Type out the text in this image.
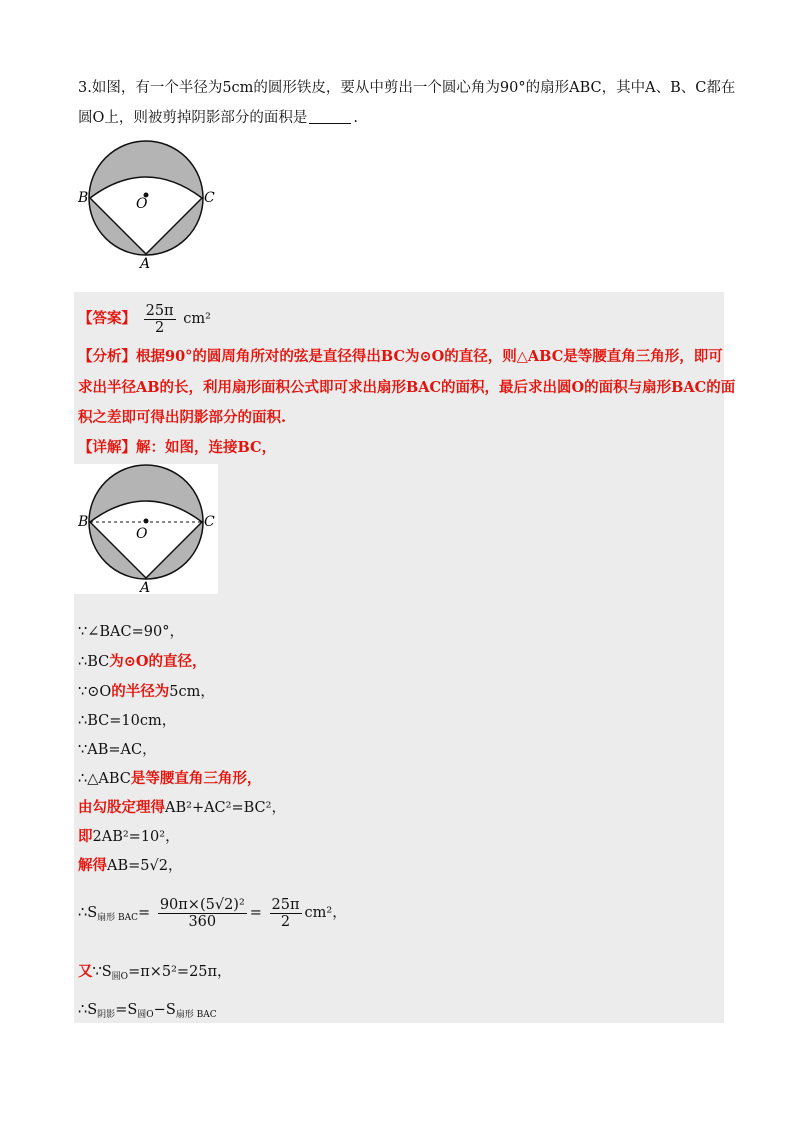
3.如图，有一个半径为5cm的圆形铁皮，要从中剪出一个圆心角为90°的扇形ABC，其中A、B、C都在
圆O上，则被剪掉阴影部分的面积是	.
B	C
O
A
【答案】 $\frac{25\pi}{2} cm^2$
【分析】根据90°的圆周角所对的弦是直径得出BC为⊙O的直径，则△ABC是等腰直角三角形，即可
求出半径AB的长，利用扇形面积公式即可求出扇形BAC的面积，最后求出圆O的面积与扇形BAC的面
积之差即可得出阴影部分的面积.
【详解】解：如图，连接BC，
B	C
O
A
∵∠BAC=90°，
∴BC为⊙O的直径，
∵⊙O的半径为5cm，
∴BC=10cm，
∵AB=AC，
∴△ABC是等腰直角三角形，
由勾股定理得AB²+AC²=BC²，
即2AB²=10²，
解得AB=5√2，
$\therefore S_{扇形 BAC}= \frac{\text{90π×(5√2)²}}{360} = \frac{25\pi}{2} cm^2$，
又$\because S_{圆O}=\pi\times 5^2=25\pi$，
$\therefore S_{阴影}=S_{圆O}-S_{扇形 BAC}$
